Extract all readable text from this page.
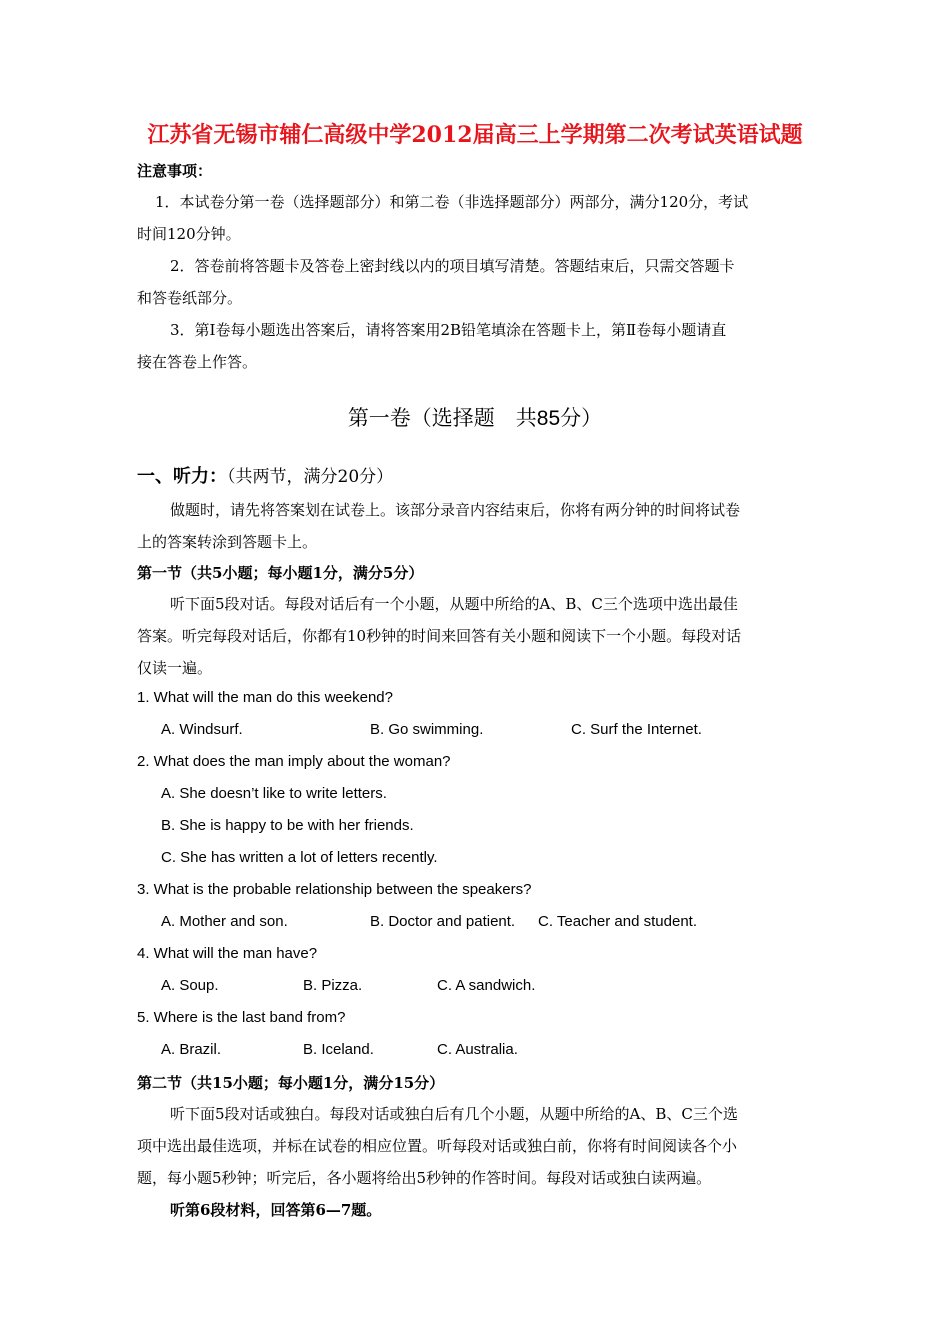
江苏省无锡市辅仁高级中学2012届高三上学期第二次考试英语试题
注意事项：
1．本试卷分第一卷（选择题部分）和第二卷（非选择题部分）两部分，满分120分，考试
时间120分钟。
2．答卷前将答题卡及答卷上密封线以内的项目填写清楚。答题结束后，只需交答题卡
和答卷纸部分。
3．第Ⅰ卷每小题选出答案后，请将答案用2B铅笔填涂在答题卡上，第Ⅱ卷每小题请直
接在答卷上作答。
第一卷（选择题　共85分）
一、听力：（共两节，满分20分）
做题时，请先将答案划在试卷上。该部分录音内容结束后，你将有两分钟的时间将试卷
上的答案转涂到答题卡上。
第一节（共5小题；每小题1分，满分5分）
听下面5段对话。每段对话后有一个小题，从题中所给的A、B、C三个选项中选出最佳
答案。听完每段对话后，你都有10秒钟的时间来回答有关小题和阅读下一个小题。每段对话
仅读一遍。
1. What will the man do this weekend?
A. Windsurf.	B. Go swimming.	C. Surf the Internet.
2. What does the man imply about the woman?
A. She doesn’t like to write letters.
B. She is happy to be with her friends.
C. She has written a lot of letters recently.
3. What is the probable relationship between the speakers?
A. Mother and son.	B. Doctor and patient. C. Teacher and student.
4. What will the man have?
A. Soup.	B. Pizza.	C. A sandwich.
5. Where is the last band from?
A. Brazil.	B. Iceland.	C. Australia.
第二节（共15小题；每小题1分，满分15分）
听下面5段对话或独白。每段对话或独白后有几个小题，从题中所给的A、B、C三个选
项中选出最佳选项，并标在试卷的相应位置。听每段对话或独白前，你将有时间阅读各个小
题，每小题5秒钟；听完后，各小题将给出5秒钟的作答时间。每段对话或独白读两遍。
听第6段材料，回答第6—7题。
